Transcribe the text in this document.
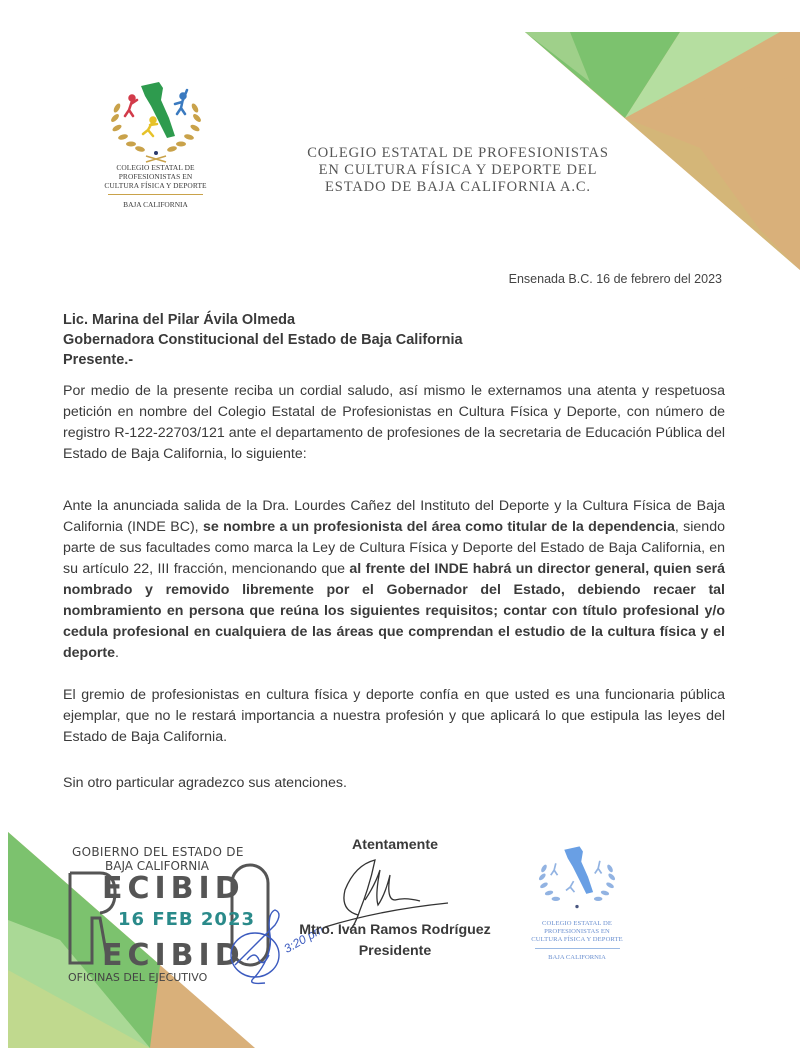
COLEGIO ESTATAL DE
PROFESIONISTAS EN
CULTURA FÍSICA Y DEPORTE
BAJA CALIFORNIA
COLEGIO ESTATAL DE PROFESIONISTAS
EN CULTURA FÍSICA Y DEPORTE DEL
ESTADO DE BAJA CALIFORNIA A.C.
Ensenada B.C. 16 de febrero del 2023
Lic. Marina del Pilar Ávila Olmeda
Gobernadora Constitucional del Estado de Baja California
Presente.-
Por medio de la presente reciba un cordial saludo, así mismo le externamos una atenta y respetuosa petición en nombre del Colegio Estatal de Profesionistas en Cultura Física y Deporte, con número de registro R-122-22703/121 ante el departamento de profesiones de la secretaria de Educación Pública del Estado de Baja California, lo siguiente:
Ante la anunciada salida de la Dra. Lourdes Cañez del Instituto del Deporte y la Cultura Física de Baja California (INDE BC), se nombre a un profesionista del área como titular de la dependencia, siendo parte de sus facultades como marca la Ley de Cultura Física y Deporte del Estado de Baja California, en su artículo 22, III fracción, mencionando que al frente del INDE habrá un director general, quien será nombrado y removido libremente por el Gobernador del Estado, debiendo recaer tal nombramiento en persona que reúna los siguientes requisitos; contar con título profesional y/o cedula profesional en cualquiera de las áreas que comprendan el estudio de la cultura física y el deporte.
El gremio de profesionistas en cultura física y deporte confía en que usted es una funcionaria pública ejemplar, que no le restará importancia a nuestra profesión y que aplicará lo que estipula las leyes del Estado de Baja California.
Sin otro particular agradezco sus atenciones.
GOBIERNO DEL ESTADO DE
BAJA CALIFORNIA
ECIBID
16 FEB 2023
ECIBID
OFICINAS DEL EJECUTIVO
3:20 pm
Atentamente
Mtro. Iván Ramos Rodríguez
Presidente
COLEGIO ESTATAL DE
PROFESIONISTAS EN
CULTURA FÍSICA Y DEPORTE
BAJA CALIFORNIA
